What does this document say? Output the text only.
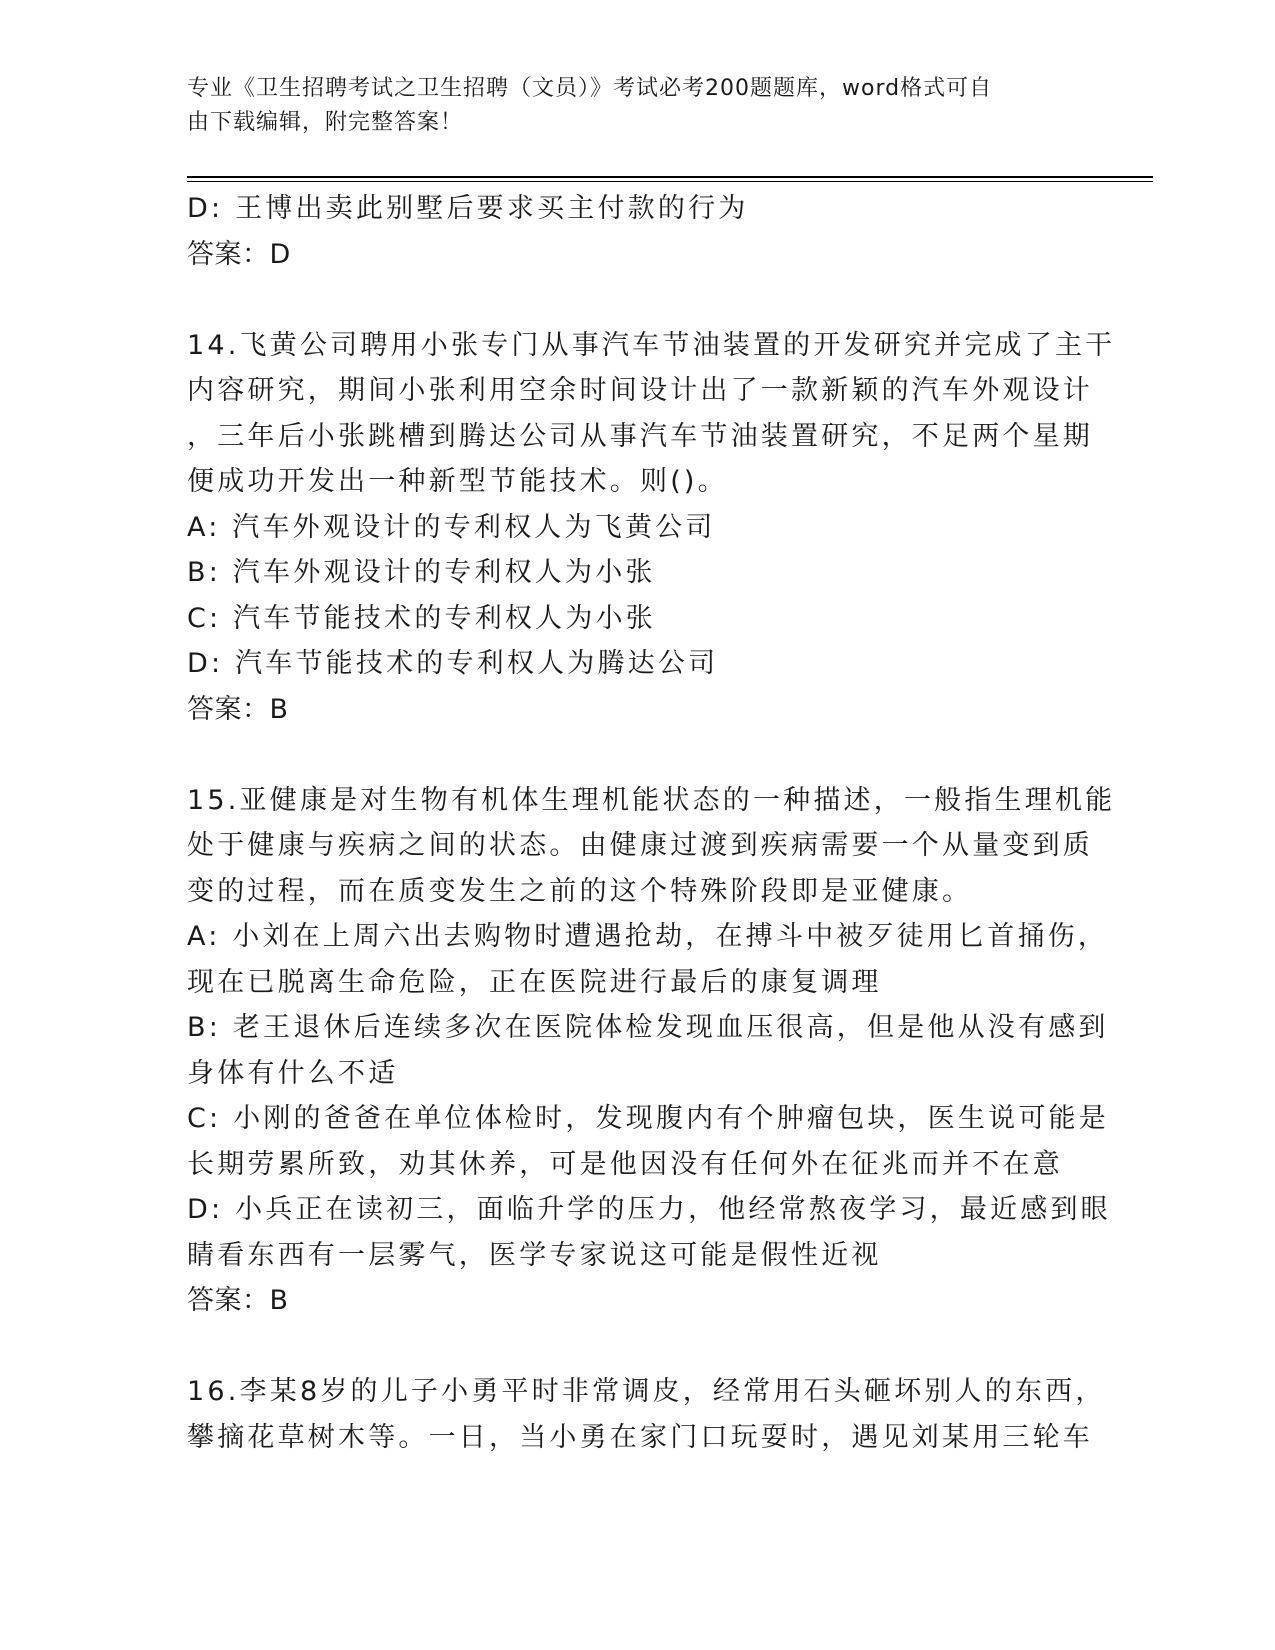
专业《卫生招聘考试之卫生招聘（文员）》考试必考200题题库，word格式可自
由下载编辑，附完整答案！

D: 王博出卖此别墅后要求买主付款的行为

答案：D

14.飞黄公司聘用小张专门从事汽车节油装置的开发研究并完成了主干

内容研究，期间小张利用空余时间设计出了一款新颖的汽车外观设计

，三年后小张跳槽到腾达公司从事汽车节油装置研究，不足两个星期

便成功开发出一种新型节能技术。则()。

A: 汽车外观设计的专利权人为飞黄公司

B: 汽车外观设计的专利权人为小张

C: 汽车节能技术的专利权人为小张

D: 汽车节能技术的专利权人为腾达公司

答案：B

15.亚健康是对生物有机体生理机能状态的一种描述，一般指生理机能

处于健康与疾病之间的状态。由健康过渡到疾病需要一个从量变到质

变的过程，而在质变发生之前的这个特殊阶段即是亚健康。

A: 小刘在上周六出去购物时遭遇抢劫，在搏斗中被歹徒用匕首捅伤，

现在已脱离生命危险，正在医院进行最后的康复调理

B: 老王退休后连续多次在医院体检发现血压很高，但是他从没有感到

身体有什么不适

C: 小刚的爸爸在单位体检时，发现腹内有个肿瘤包块，医生说可能是

长期劳累所致，劝其休养，可是他因没有任何外在征兆而并不在意

D: 小兵正在读初三，面临升学的压力，他经常熬夜学习，最近感到眼

睛看东西有一层雾气，医学专家说这可能是假性近视

答案：B

16.李某8岁的儿子小勇平时非常调皮，经常用石头砸坏别人的东西，

攀摘花草树木等。一日，当小勇在家门口玩耍时，遇见刘某用三轮车
